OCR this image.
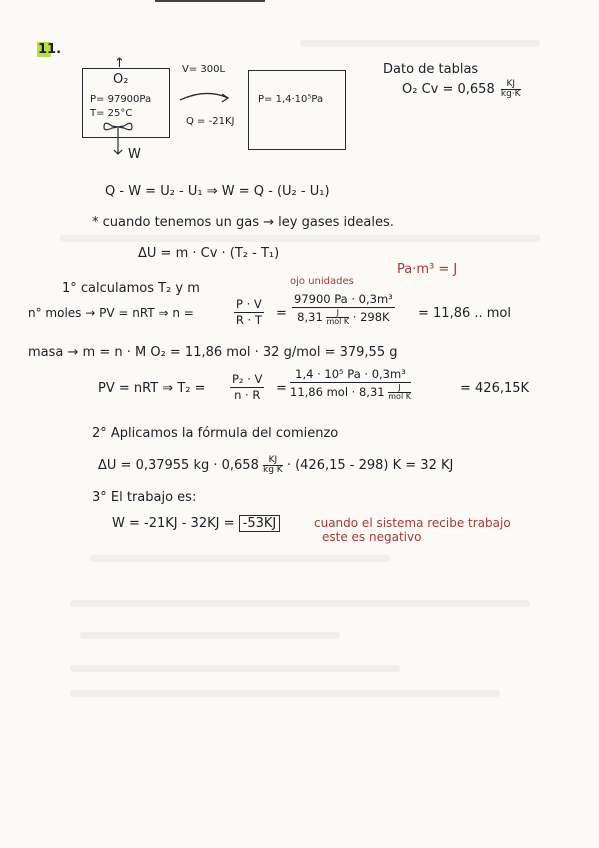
11.
↑
O₂
P= 97900Pa
T= 25°C
W
V= 300L
Q = -21KJ
P= 1,4·10⁵Pa
Dato de tablas
O₂ $Cv = 0,658 \frac{KJ}{kg\cdot K}$
Q - W = U₂ - U₁ ⇒ W = Q - (U₂ - U₁)
* cuando tenemos un gas → ley gases ideales.
ΔU = m · Cv · (T₂ - T₁)
Pa·m³ = J
1° calculamos T₂ y m	ojo unidades
n° moles → PV = nRT ⇒ n =	$\frac{P \cdot V}{R \cdot T}$ =
97900 Pa · 0,3m³
8,31	J
mol K · 298K	= 11,86 .. mol
masa → m = n · M O₂ = 11,86 mol · 32 g/mol = 379,55 g
PV = nRT ⇒ $T_2 = \frac{\text{P₂ · V}}{n \cdot R}$ =
1,4 · 10⁵ Pa · 0,3m³
11,86 mol · 8,31	J
mol K
= 426,15K
2° Aplicamos la fórmula del comienzo
ΔU = 0,37955 kg · $0,658 \frac{KJ}{\text{kg K}} \cdot (426,15 - 298) K = 32$ KJ
3° El trabajo es:
W = -21KJ - 32KJ = -53KJ	cuando el sistema recibe trabajo
este es negativo
